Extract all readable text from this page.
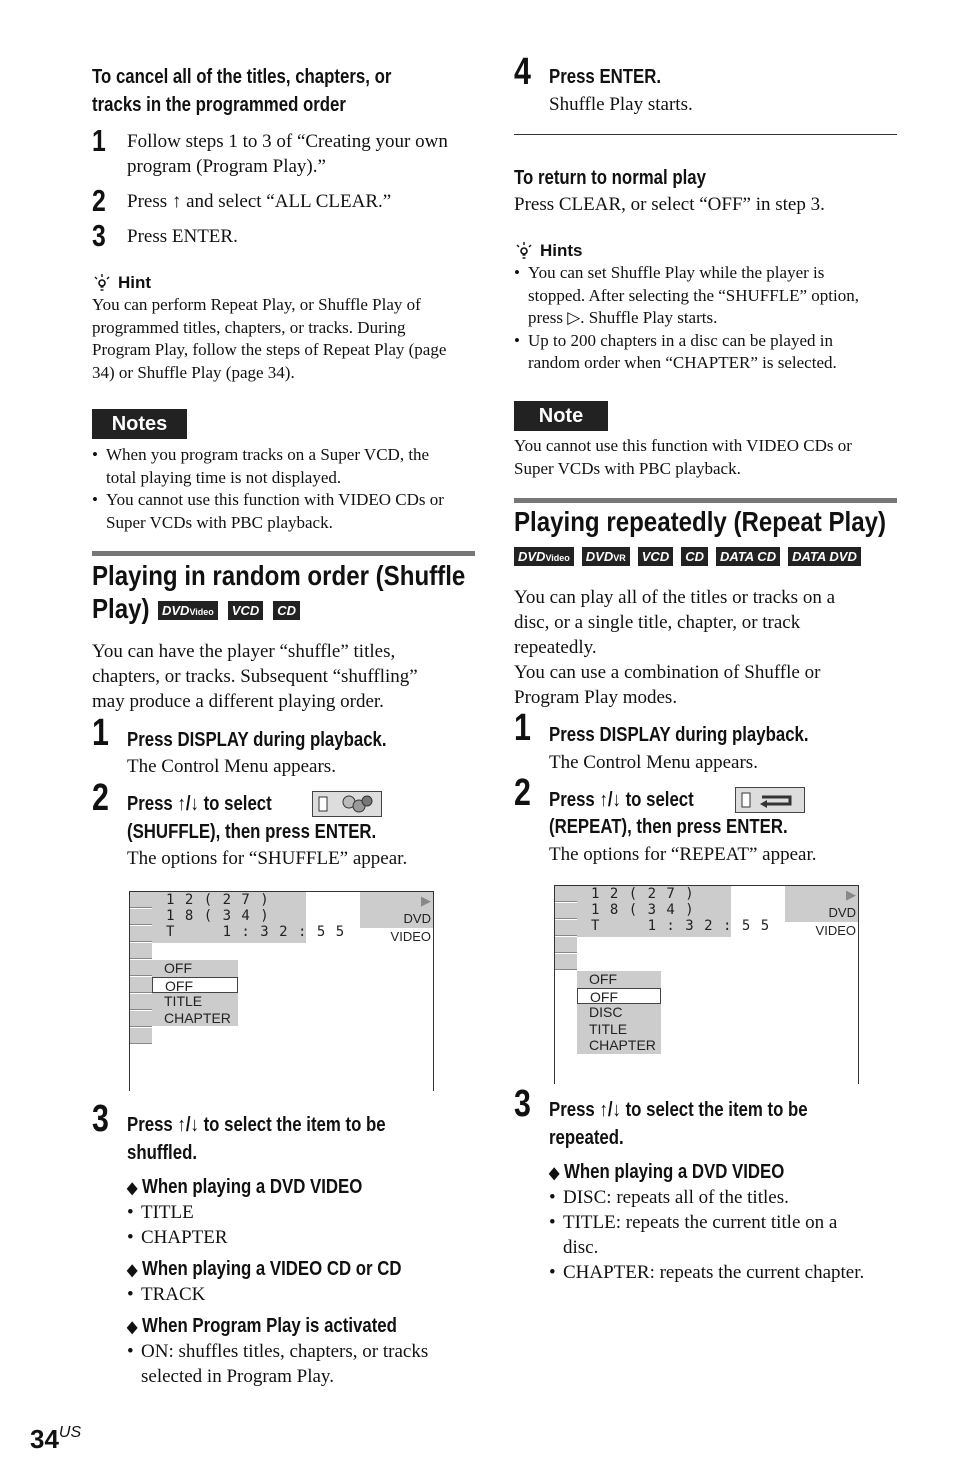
To cancel all of the titles, chapters, or
tracks in the programmed order
1 Follow steps 1 to 3 of “Creating your own
program (Program Play).”
2 Press ↑ and select “ALL CLEAR.”
3 Press ENTER.
Hint
You can perform Repeat Play, or Shuffle Play of
programmed titles, chapters, or tracks. During
Program Play, follow the steps of Repeat Play (page
34) or Shuffle Play (page 34).
Notes
• When you program tracks on a Super VCD, the
total playing time is not displayed.
• You cannot use this function with VIDEO CDs or
Super VCDs with PBC playback.
Playing in random order (Shuffle
Play) DVDVideo VCD CD
You can have the player “shuffle” titles,
chapters, or tracks. Subsequent “shuffling”
may produce a different playing order.
1 Press DISPLAY during playback.
The Control Menu appears.
2 Press ↑/↓ to select
(SHUFFLE), then press ENTER.
The options for “SHUFFLE” appear.
1 2 ( 2 7 )
1 8 ( 3 4 )
T     1 : 3 2 : 5 5
▶
DVD VIDEO
OFF
OFF
TITLE
CHAPTER
3 Press ↑/↓ to select the item to be
shuffled.
◆ When playing a DVD VIDEO
• TITLE
• CHAPTER
◆ When playing a VIDEO CD or CD
• TRACK
◆ When Program Play is activated
• ON: shuffles titles, chapters, or tracks
selected in Program Play.
34US
4 Press ENTER.
Shuffle Play starts.
To return to normal play
Press CLEAR, or select “OFF” in step 3.
Hints
• You can set Shuffle Play while the player is
stopped. After selecting the “SHUFFLE” option,
press ▷. Shuffle Play starts.
• Up to 200 chapters in a disc can be played in
random order when “CHAPTER” is selected.
Note
You cannot use this function with VIDEO CDs or
Super VCDs with PBC playback.
Playing repeatedly (Repeat Play)
DVDVideo DVDVR VCD CD DATA CD DATA DVD
You can play all of the titles or tracks on a
disc, or a single title, chapter, or track
repeatedly.
You can use a combination of Shuffle or
Program Play modes.
1 Press DISPLAY during playback.
The Control Menu appears.
2 Press ↑/↓ to select
(REPEAT), then press ENTER.
The options for “REPEAT” appear.
1 2 ( 2 7 )
1 8 ( 3 4 )
T     1 : 3 2 : 5 5
▶
DVD VIDEO
OFF
OFF
DISC
TITLE
CHAPTER
3 Press ↑/↓ to select the item to be
repeated.
◆ When playing a DVD VIDEO
• DISC: repeats all of the titles.
• TITLE: repeats the current title on a
disc.
• CHAPTER: repeats the current chapter.
